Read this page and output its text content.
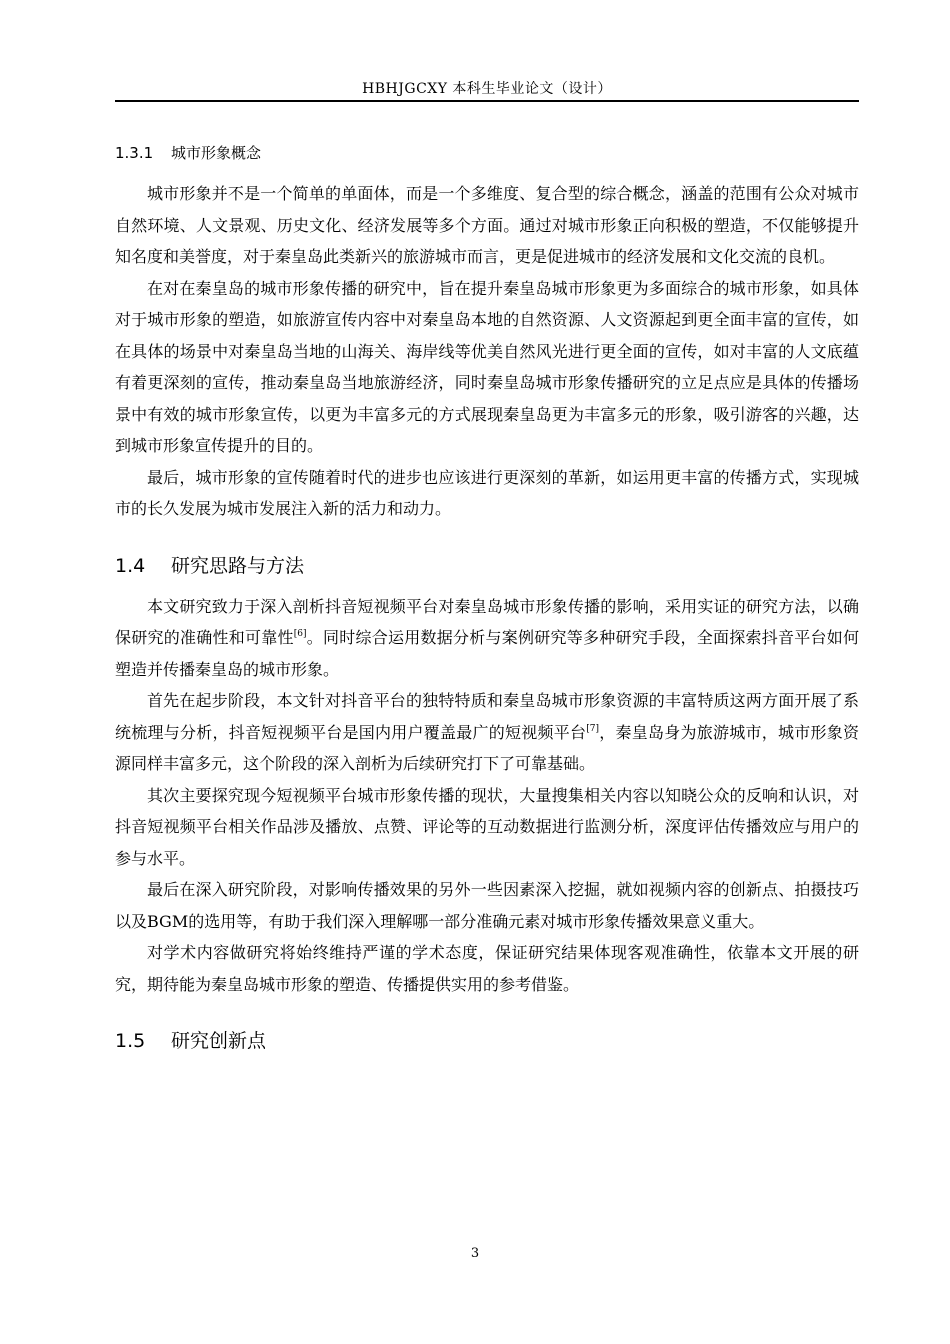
HBHJGCXY 本科生毕业论文（设计）
1.3.1 城市形象概念

城市形象并不是一个简单的单面体，而是一个多维度、复合型的综合概念，涵盖的范围有公众对城市自然环境、人文景观、历史文化、经济发展等多个方面。通过对城市形象正向积极的塑造，不仅能够提升知名度和美誉度，对于秦皇岛此类新兴的旅游城市而言，更是促进城市的经济发展和文化交流的良机。

在对在秦皇岛的城市形象传播的研究中，旨在提升秦皇岛城市形象更为多面综合的城市形象，如具体对于城市形象的塑造，如旅游宣传内容中对秦皇岛本地的自然资源、人文资源起到更全面丰富的宣传，如在具体的场景中对秦皇岛当地的山海关、海岸线等优美自然风光进行更全面的宣传，如对丰富的人文底蕴有着更深刻的宣传，推动秦皇岛当地旅游经济，同时秦皇岛城市形象传播研究的立足点应是具体的传播场景中有效的城市形象宣传，以更为丰富多元的方式展现秦皇岛更为丰富多元的形象，吸引游客的兴趣，达到城市形象宣传提升的目的。

最后，城市形象的宣传随着时代的进步也应该进行更深刻的革新，如运用更丰富的传播方式，实现城市的长久发展为城市发展注入新的活力和动力。

1.4 研究思路与方法

本文研究致力于深入剖析抖音短视频平台对秦皇岛城市形象传播的影响，采用实证的研究方法，以确保研究的准确性和可靠性[6]。同时综合运用数据分析与案例研究等多种研究手段，全面探索抖音平台如何塑造并传播秦皇岛的城市形象。

首先在起步阶段，本文针对抖音平台的独特特质和秦皇岛城市形象资源的丰富特质这两方面开展了系统梳理与分析，抖音短视频平台是国内用户覆盖最广的短视频平台[7]，秦皇岛身为旅游城市，城市形象资源同样丰富多元，这个阶段的深入剖析为后续研究打下了可靠基础。

其次主要探究现今短视频平台城市形象传播的现状，大量搜集相关内容以知晓公众的反响和认识，对抖音短视频平台相关作品涉及播放、点赞、评论等的互动数据进行监测分析，深度评估传播效应与用户的参与水平。

最后在深入研究阶段，对影响传播效果的另外一些因素深入挖掘，就如视频内容的创新点、拍摄技巧以及BGM的选用等，有助于我们深入理解哪一部分准确元素对城市形象传播效果意义重大。

对学术内容做研究将始终维持严谨的学术态度，保证研究结果体现客观准确性，依靠本文开展的研究，期待能为秦皇岛城市形象的塑造、传播提供实用的参考借鉴。

1.5 研究创新点
3
